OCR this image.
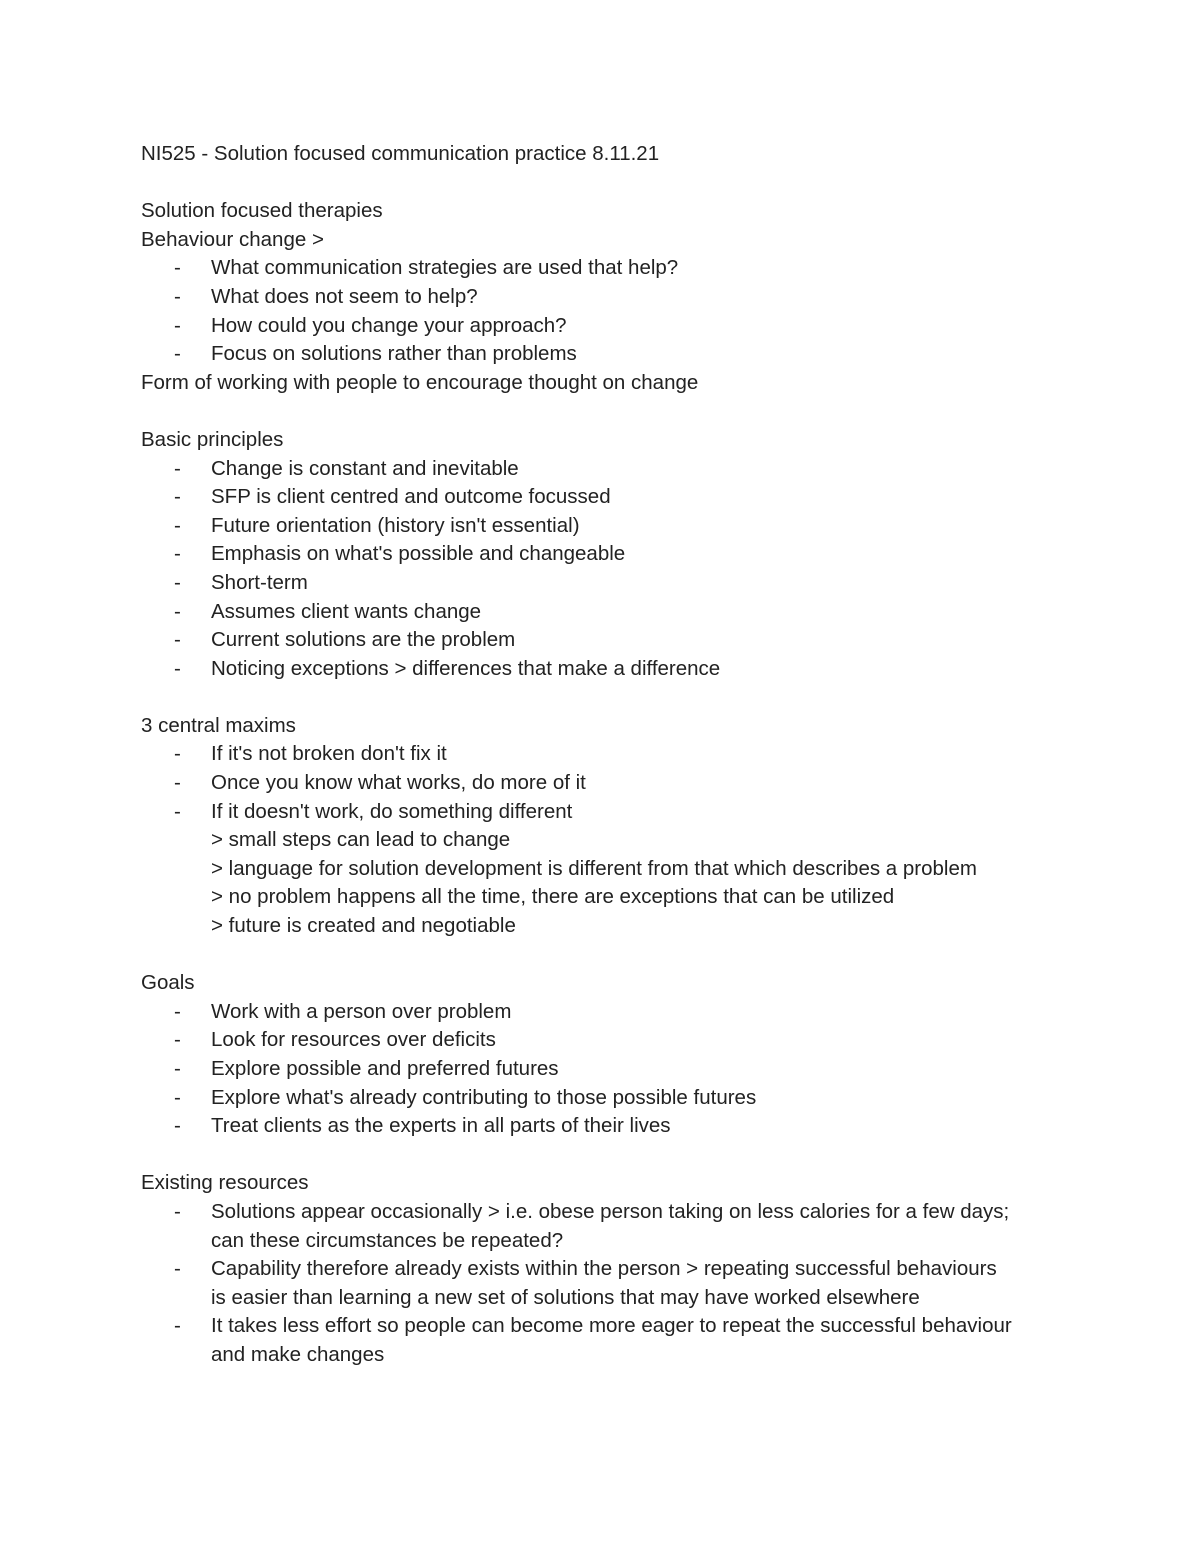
NI525 - Solution focused communication practice 8.11.21
Solution focused therapies
Behaviour change >
- What communication strategies are used that help?
- What does not seem to help?
- How could you change your approach?
- Focus on solutions rather than problems
Form of working with people to encourage thought on change
Basic principles
- Change is constant and inevitable
- SFP is client centred and outcome focussed
- Future orientation (history isn't essential)
- Emphasis on what's possible and changeable
- Short-term
- Assumes client wants change
- Current solutions are the problem
- Noticing exceptions > differences that make a difference
3 central maxims
- If it's not broken don't fix it
- Once you know what works, do more of it
- If it doesn't work, do something different
> small steps can lead to change
> language for solution development is different from that which describes a problem
> no problem happens all the time, there are exceptions that can be utilized
> future is created and negotiable
Goals
- Work with a person over problem
- Look for resources over deficits
- Explore possible and preferred futures
- Explore what's already contributing to those possible futures
- Treat clients as the experts in all parts of their lives
Existing resources
- Solutions appear occasionally > i.e. obese person taking on less calories for a few days;
can these circumstances be repeated?
- Capability therefore already exists within the person > repeating successful behaviours
is easier than learning a new set of solutions that may have worked elsewhere
- It takes less effort so people can become more eager to repeat the successful behaviour
and make changes
